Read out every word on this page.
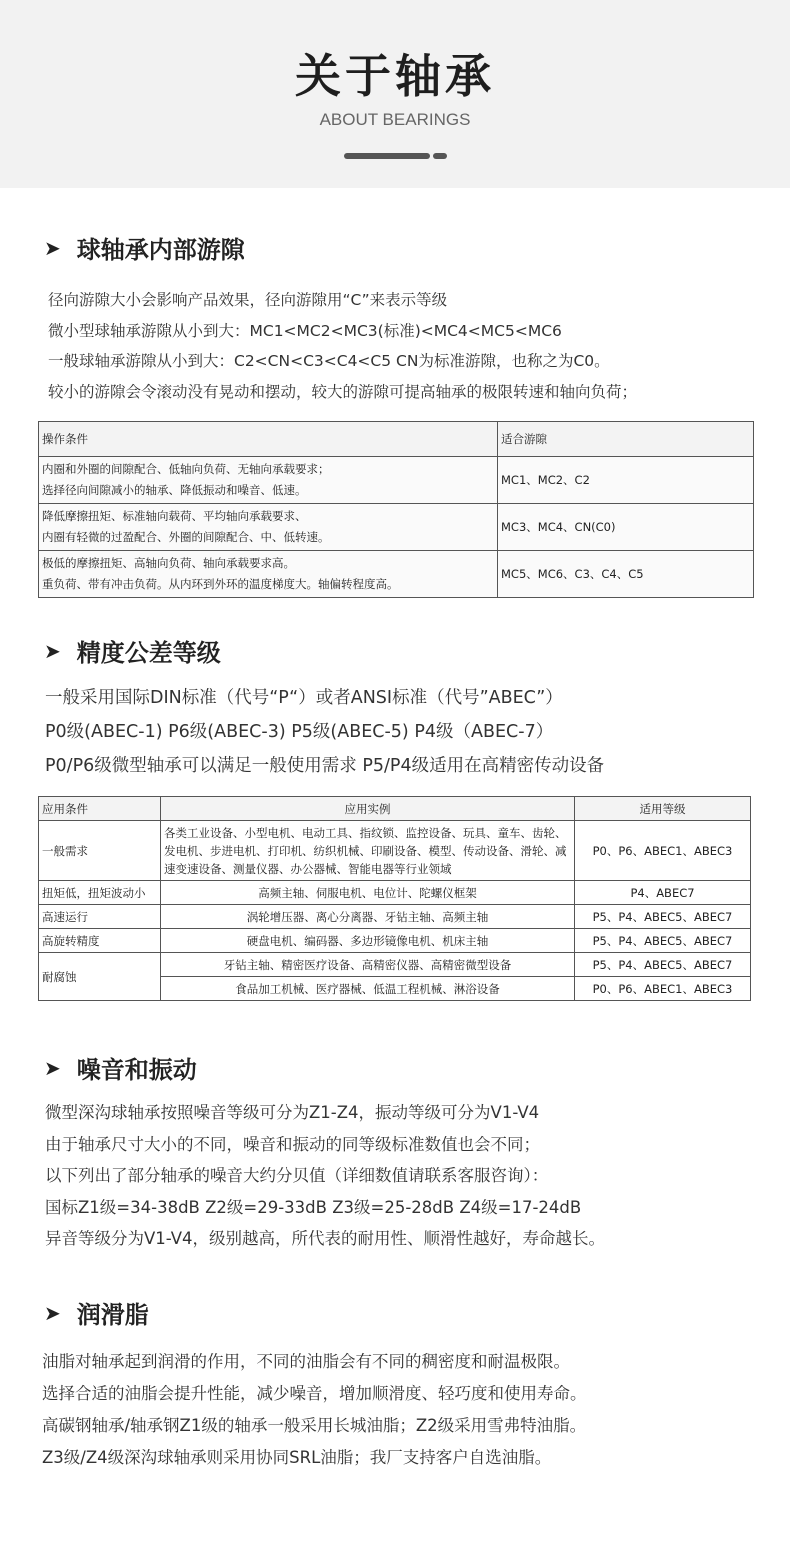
关于轴承
ABOUT BEARINGS
➤ 球轴承内部游隙
径向游隙大小会影响产品效果，径向游隙用“C”来表示等级
微小型球轴承游隙从小到大：MC1<MC2<MC3(标准)<MC4<MC5<MC6
一般球轴承游隙从小到大：C2<CN<C3<C4<C5 CN为标准游隙，也称之为C0。
较小的游隙会令滚动没有晃动和摆动，较大的游隙可提高轴承的极限转速和轴向负荷；
操作条件	适合游隙

内圈和外圈的间隙配合、低轴向负荷、无轴向承载要求；
选择径向间隙减小的轴承、降低振动和噪音、低速。	MC1、MC2、C2

降低摩擦扭矩、标准轴向载荷、平均轴向承载要求、
内圈有轻微的过盈配合、外圈的间隙配合、中、低转速。	MC3、MC4、CN(C0)

极低的摩擦扭矩、高轴向负荷、轴向承载要求高。
重负荷、带有冲击负荷。从内环到外环的温度梯度大。轴偏转程度高。	MC5、MC6、C3、C4、C5
➤ 精度公差等级
一般采用国际DIN标准（代号“P“）或者ANSI标准（代号”ABEC”）
P0级(ABEC-1) P6级(ABEC-3) P5级(ABEC-5) P4级（ABEC-7）
P0/P6级微型轴承可以满足一般使用需求 P5/P4级适用在高精密传动设备
应用条件	应用实例	适用等级
一般需求	各类工业设备、小型电机、电动工具、指纹锁、监控设备、玩具、童车、齿轮、发电机、步进电机、打印机、纺织机械、印刷设备、模型、传动设备、滑轮、减速变速设备、测量仪器、办公器械、智能电器等行业领域	P0、P6、ABEC1、ABEC3
扭矩低，扭矩波动小	高频主轴、伺服电机、电位计、陀螺仪框架	P4、ABEC7
高速运行	涡轮增压器、离心分离器、牙钻主轴、高频主轴	P5、P4、ABEC5、ABEC7
高旋转精度	硬盘电机、编码器、多边形镜像电机、机床主轴	P5、P4、ABEC5、ABEC7
耐腐蚀	牙钻主轴、精密医疗设备、高精密仪器、高精密微型设备	P5、P4、ABEC5、ABEC7
	食品加工机械、医疗器械、低温工程机械、淋浴设备	P0、P6、ABEC1、ABEC3
➤ 噪音和振动
微型深沟球轴承按照噪音等级可分为Z1-Z4，振动等级可分为V1-V4
由于轴承尺寸大小的不同，噪音和振动的同等级标准数值也会不同；
以下列出了部分轴承的噪音大约分贝值（详细数值请联系客服咨询）：
国标Z1级=34-38dB Z2级=29-33dB Z3级=25-28dB Z4级=17-24dB
异音等级分为V1-V4，级别越高，所代表的耐用性、顺滑性越好，寿命越长。
➤ 润滑脂
油脂对轴承起到润滑的作用，不同的油脂会有不同的稠密度和耐温极限。
选择合适的油脂会提升性能，减少噪音，增加顺滑度、轻巧度和使用寿命。
高碳钢轴承/轴承钢Z1级的轴承一般采用长城油脂；Z2级采用雪弗特油脂。
Z3级/Z4级深沟球轴承则采用协同SRL油脂；我厂支持客户自选油脂。
